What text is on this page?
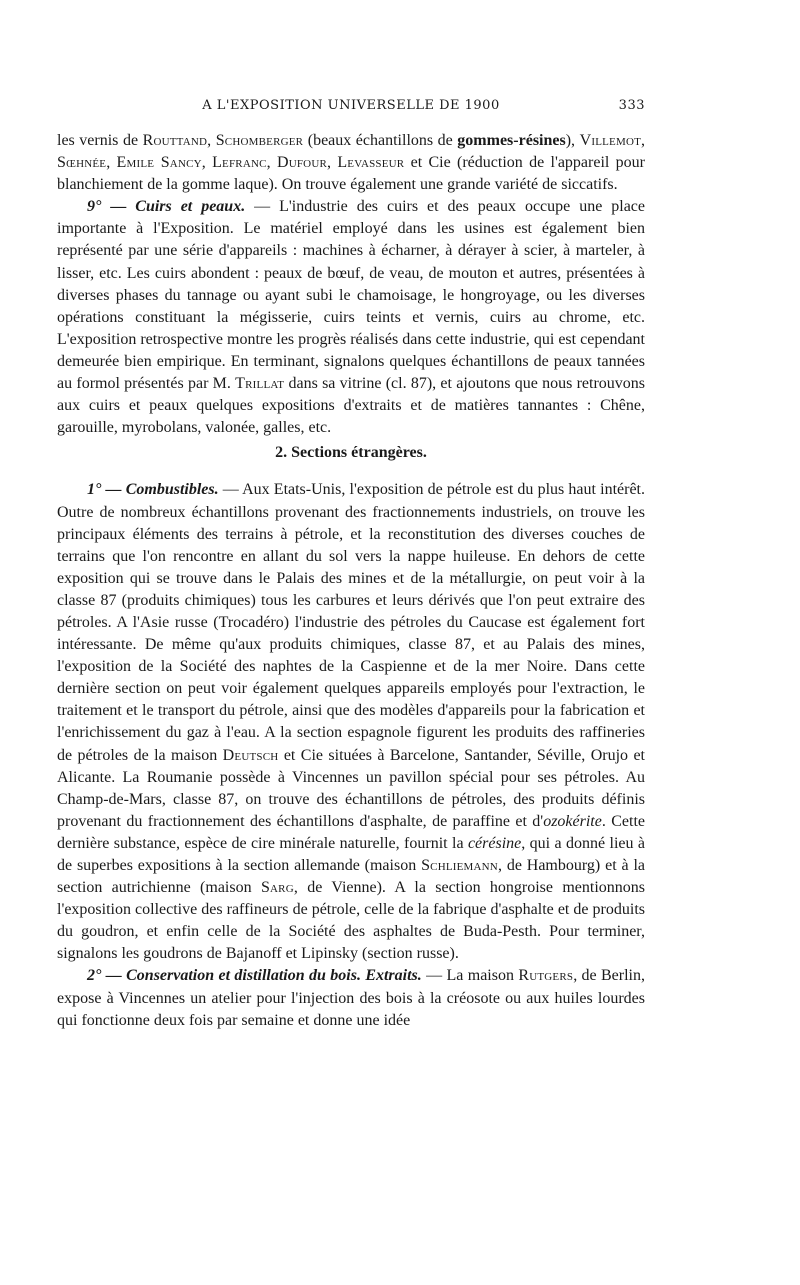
A L'EXPOSITION UNIVERSELLE DE 1900	333

les vernis de Routtand, Schomberger (beaux échantillons de gommes-résines), Villemot, Sœhnée, Emile Sancy, Lefranc, Dufour, Levasseur et Cie (réduction de l'appareil pour blanchiement de la gomme laque). On trouve également une grande variété de siccatifs.

9° — Cuirs et peaux. — L'industrie des cuirs et des peaux occupe une place importante à l'Exposition. Le matériel employé dans les usines est également bien représenté par une série d'appareils : machines à écharner, à dérayer à scier, à marteler, à lisser, etc. Les cuirs abondent : peaux de bœuf, de veau, de mouton et autres, présentées à diverses phases du tannage ou ayant subi le chamoisage, le hongroyage, ou les diverses opérations constituant la mégisserie, cuirs teints et vernis, cuirs au chrome, etc. L'exposition retrospective montre les progrès réalisés dans cette industrie, qui est cependant demeurée bien empirique. En terminant, signalons quelques échantillons de peaux tannées au formol présentés par M. Trillat dans sa vitrine (cl. 87), et ajoutons que nous retrouvons aux cuirs et peaux quelques expositions d'extraits et de matières tannantes : Chêne, garouille, myrobolans, valonée, galles, etc.

2. Sections étrangères.

1° — Combustibles. — Aux Etats-Unis, l'exposition de pétrole est du plus haut intérêt. Outre de nombreux échantillons provenant des fractionnements industriels, on trouve les principaux éléments des terrains à pétrole, et la reconstitution des diverses couches de terrains que l'on rencontre en allant du sol vers la nappe huileuse. En dehors de cette exposition qui se trouve dans le Palais des mines et de la métallurgie, on peut voir à la classe 87 (produits chimiques) tous les carbures et leurs dérivés que l'on peut extraire des pétroles. A l'Asie russe (Trocadéro) l'industrie des pétroles du Caucase est également fort intéressante. De même qu'aux produits chimiques, classe 87, et au Palais des mines, l'exposition de la Société des naphtes de la Caspienne et de la mer Noire. Dans cette dernière section on peut voir également quelques appareils employés pour l'extraction, le traitement et le transport du pétrole, ainsi que des modèles d'appareils pour la fabrication et l'enrichissement du gaz à l'eau. A la section espagnole figurent les produits des raffineries de pétroles de la maison Deutsch et Cie situées à Barcelone, Santander, Séville, Orujo et Alicante. La Roumanie possède à Vincennes un pavillon spécial pour ses pétroles. Au Champ-de-Mars, classe 87, on trouve des échantillons de pétroles, des produits définis provenant du fractionnement des échantillons d'asphalte, de paraffine et d'ozokérite. Cette dernière substance, espèce de cire minérale naturelle, fournit la cérésine, qui a donné lieu à de superbes expositions à la section allemande (maison Schliemann, de Hambourg) et à la section autrichienne (maison Sarg, de Vienne). A la section hongroise mentionnons l'exposition collective des raffineurs de pétrole, celle de la fabrique d'asphalte et de produits du goudron, et enfin celle de la Société des asphaltes de Buda-Pesth. Pour terminer, signalons les goudrons de Bajanoff et Lipinsky (section russe).

2° — Conservation et distillation du bois. Extraits. — La maison Rutgers, de Berlin, expose à Vincennes un atelier pour l'injection des bois à la créosote ou aux huiles lourdes qui fonctionne deux fois par semaine et donne une idée
